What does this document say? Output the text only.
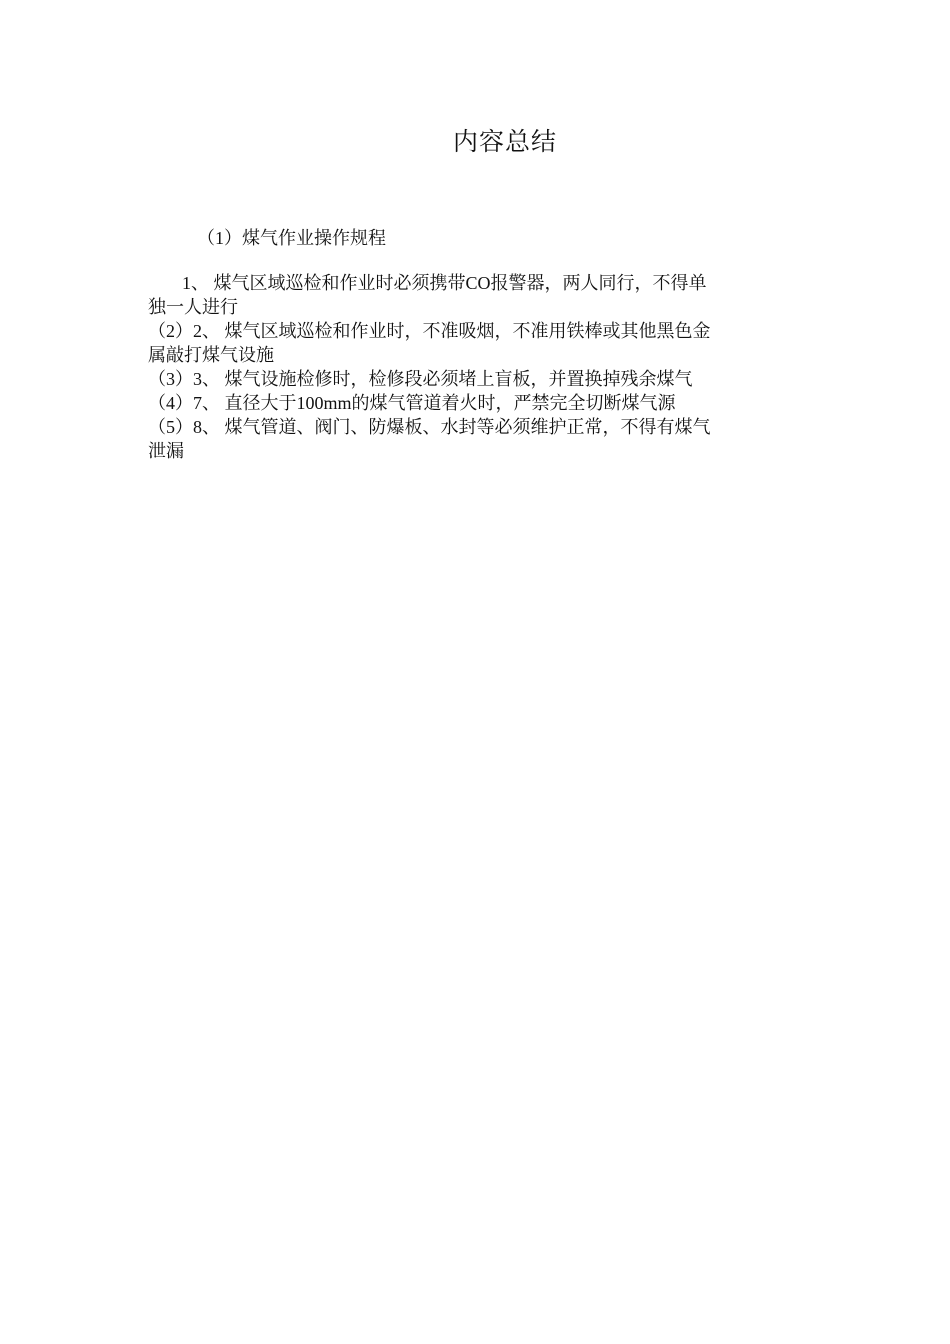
内容总结
（1）煤气作业操作规程
1、 煤气区域巡检和作业时必须携带CO报警器，两人同行，不得单
独一人进行
（2）2、 煤气区域巡检和作业时，不准吸烟，不准用铁棒或其他黑色金
属敲打煤气设施
（3）3、 煤气设施检修时，检修段必须堵上盲板，并置换掉残余煤气
（4）7、 直径大于100mm的煤气管道着火时，严禁完全切断煤气源
（5）8、 煤气管道、阀门、防爆板、水封等必须维护正常，不得有煤气
泄漏
